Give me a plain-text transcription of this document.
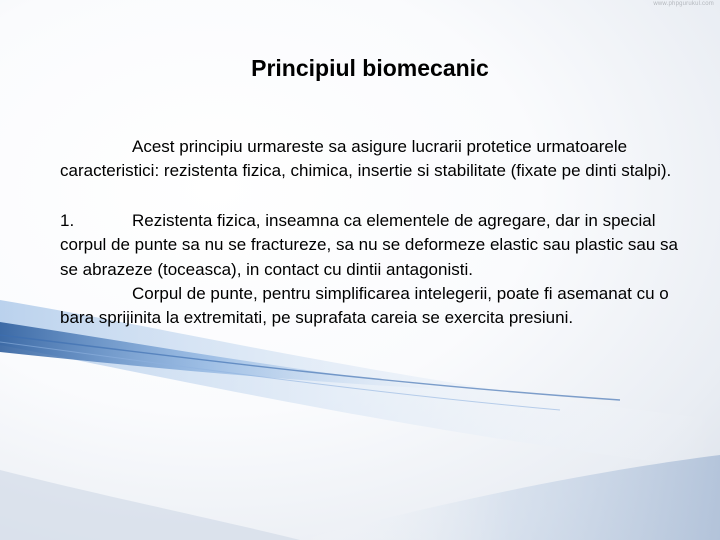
www.phpgurukul.com
Principiul biomecanic

Acest principiu urmareste sa asigure lucrarii protetice urmatoarele caracteristici: rezistenta fizica, chimica, insertie si stabilitate (fixate pe dinti stalpi).

1.	Rezistenta fizica, inseamna ca elementele de agregare, dar in special corpul de punte sa nu se fractureze, sa nu se deformeze elastic sau plastic sau sa se abrazeze (toceasca), in contact cu dintii antagonisti.

Corpul de punte, pentru simplificarea intelegerii, poate fi asemanat cu o bara sprijinita la extremitati, pe suprafata careia se exercita presiuni.
